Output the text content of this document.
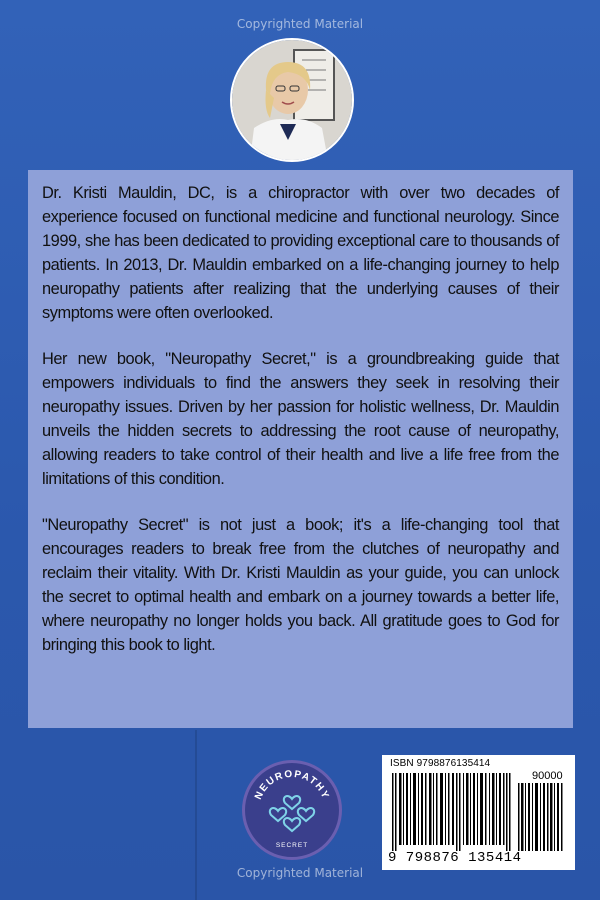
Copyrighted Material

Dr. Kristi Mauldin, DC, is a chiropractor with over two decades of experience focused on functional medicine and functional neurology. Since 1999, she has been dedicated to providing exceptional care to thousands of patients. In 2013, Dr. Mauldin embarked on a life-changing journey to help neuropathy patients after realizing that the underlying causes of their symptoms were often overlooked.

Her new book, "Neuropathy Secret," is a groundbreaking guide that empowers individuals to find the answers they seek in resolving their neuropathy issues. Driven by her passion for holistic wellness, Dr. Mauldin unveils the hidden secrets to addressing the root cause of neuropathy, allowing readers to take control of their health and live a life free from the limitations of this condition.

"Neuropathy Secret" is not just a book; it's a life-changing tool that encourages readers to break free from the clutches of neuropathy and reclaim their vitality. With Dr. Kristi Mauldin as your guide, you can unlock the secret to optimal health and embark on a journey towards a better life, where neuropathy no longer holds you back. All gratitude goes to God for bringing this book to light.

NEUROPATHY
SECRET
ISBN 9798876135414
90000
9 798876 135414
Copyrighted Material
